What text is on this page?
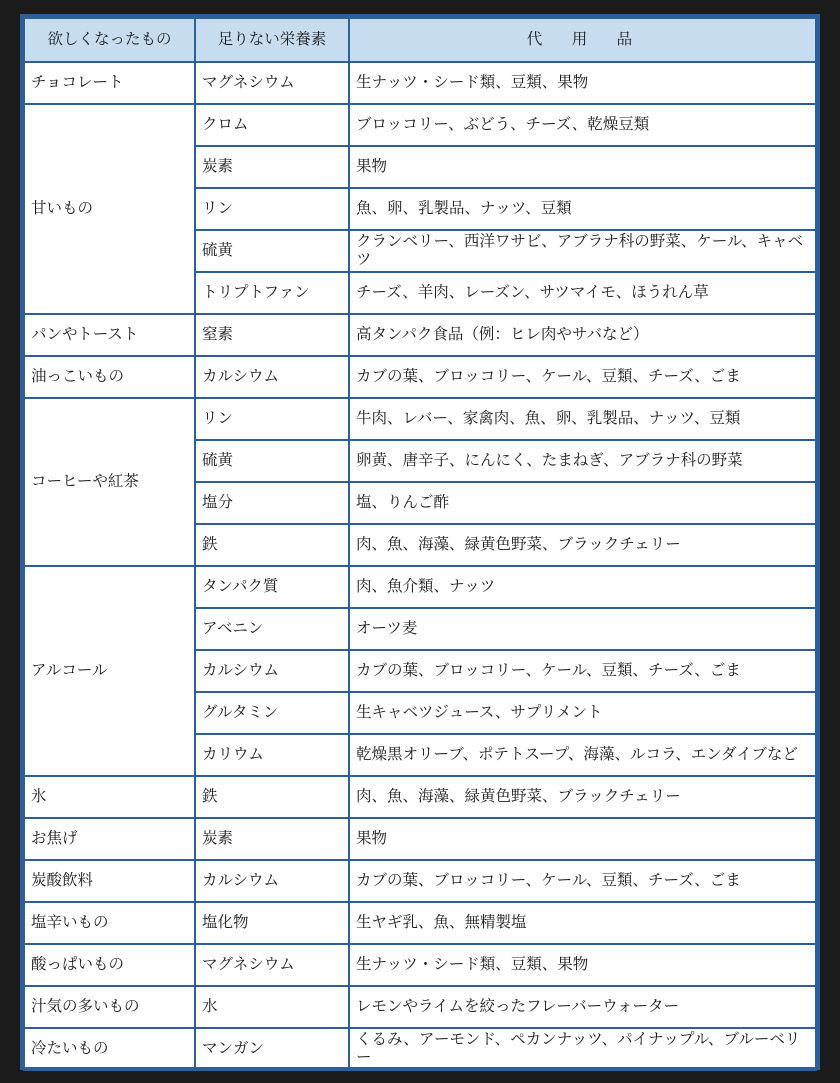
欲しくなったもの	足りない栄養素	代用品
チョコレート	マグネシウム	生ナッツ・シード類、豆類、果物
甘いもの	クロム	ブロッコリー、ぶどう、チーズ、乾燥豆類
	炭素	果物
	リン	魚、卵、乳製品、ナッツ、豆類
	硫黄	クランベリー、西洋ワサビ、アブラナ科の野菜、ケール、キャベツ
	トリプトファン	チーズ、羊肉、レーズン、サツマイモ、ほうれん草
パンやトースト	窒素	高タンパク食品（例：ヒレ肉やサバなど）
油っこいもの	カルシウム	カブの葉、ブロッコリー、ケール、豆類、チーズ、ごま
コーヒーや紅茶	リン	牛肉、レバー、家禽肉、魚、卵、乳製品、ナッツ、豆類
	硫黄	卵黄、唐辛子、にんにく、たまねぎ、アブラナ科の野菜
	塩分	塩、りんご酢
	鉄	肉、魚、海藻、緑黄色野菜、ブラックチェリー
アルコール	タンパク質	肉、魚介類、ナッツ
	アベニン	オーツ麦
	カルシウム	カブの葉、ブロッコリー、ケール、豆類、チーズ、ごま
	グルタミン	生キャベツジュース、サプリメント
	カリウム	乾燥黒オリーブ、ポテトスープ、海藻、ルコラ、エンダイブなど
氷	鉄	肉、魚、海藻、緑黄色野菜、ブラックチェリー
お焦げ	炭素	果物
炭酸飲料	カルシウム	カブの葉、ブロッコリー、ケール、豆類、チーズ、ごま
塩辛いもの	塩化物	生ヤギ乳、魚、無精製塩
酸っぱいもの	マグネシウム	生ナッツ・シード類、豆類、果物
汁気の多いもの	水	レモンやライムを絞ったフレーバーウォーター
冷たいもの	マンガン	くるみ、アーモンド、ペカンナッツ、パイナップル、ブルーベリー
